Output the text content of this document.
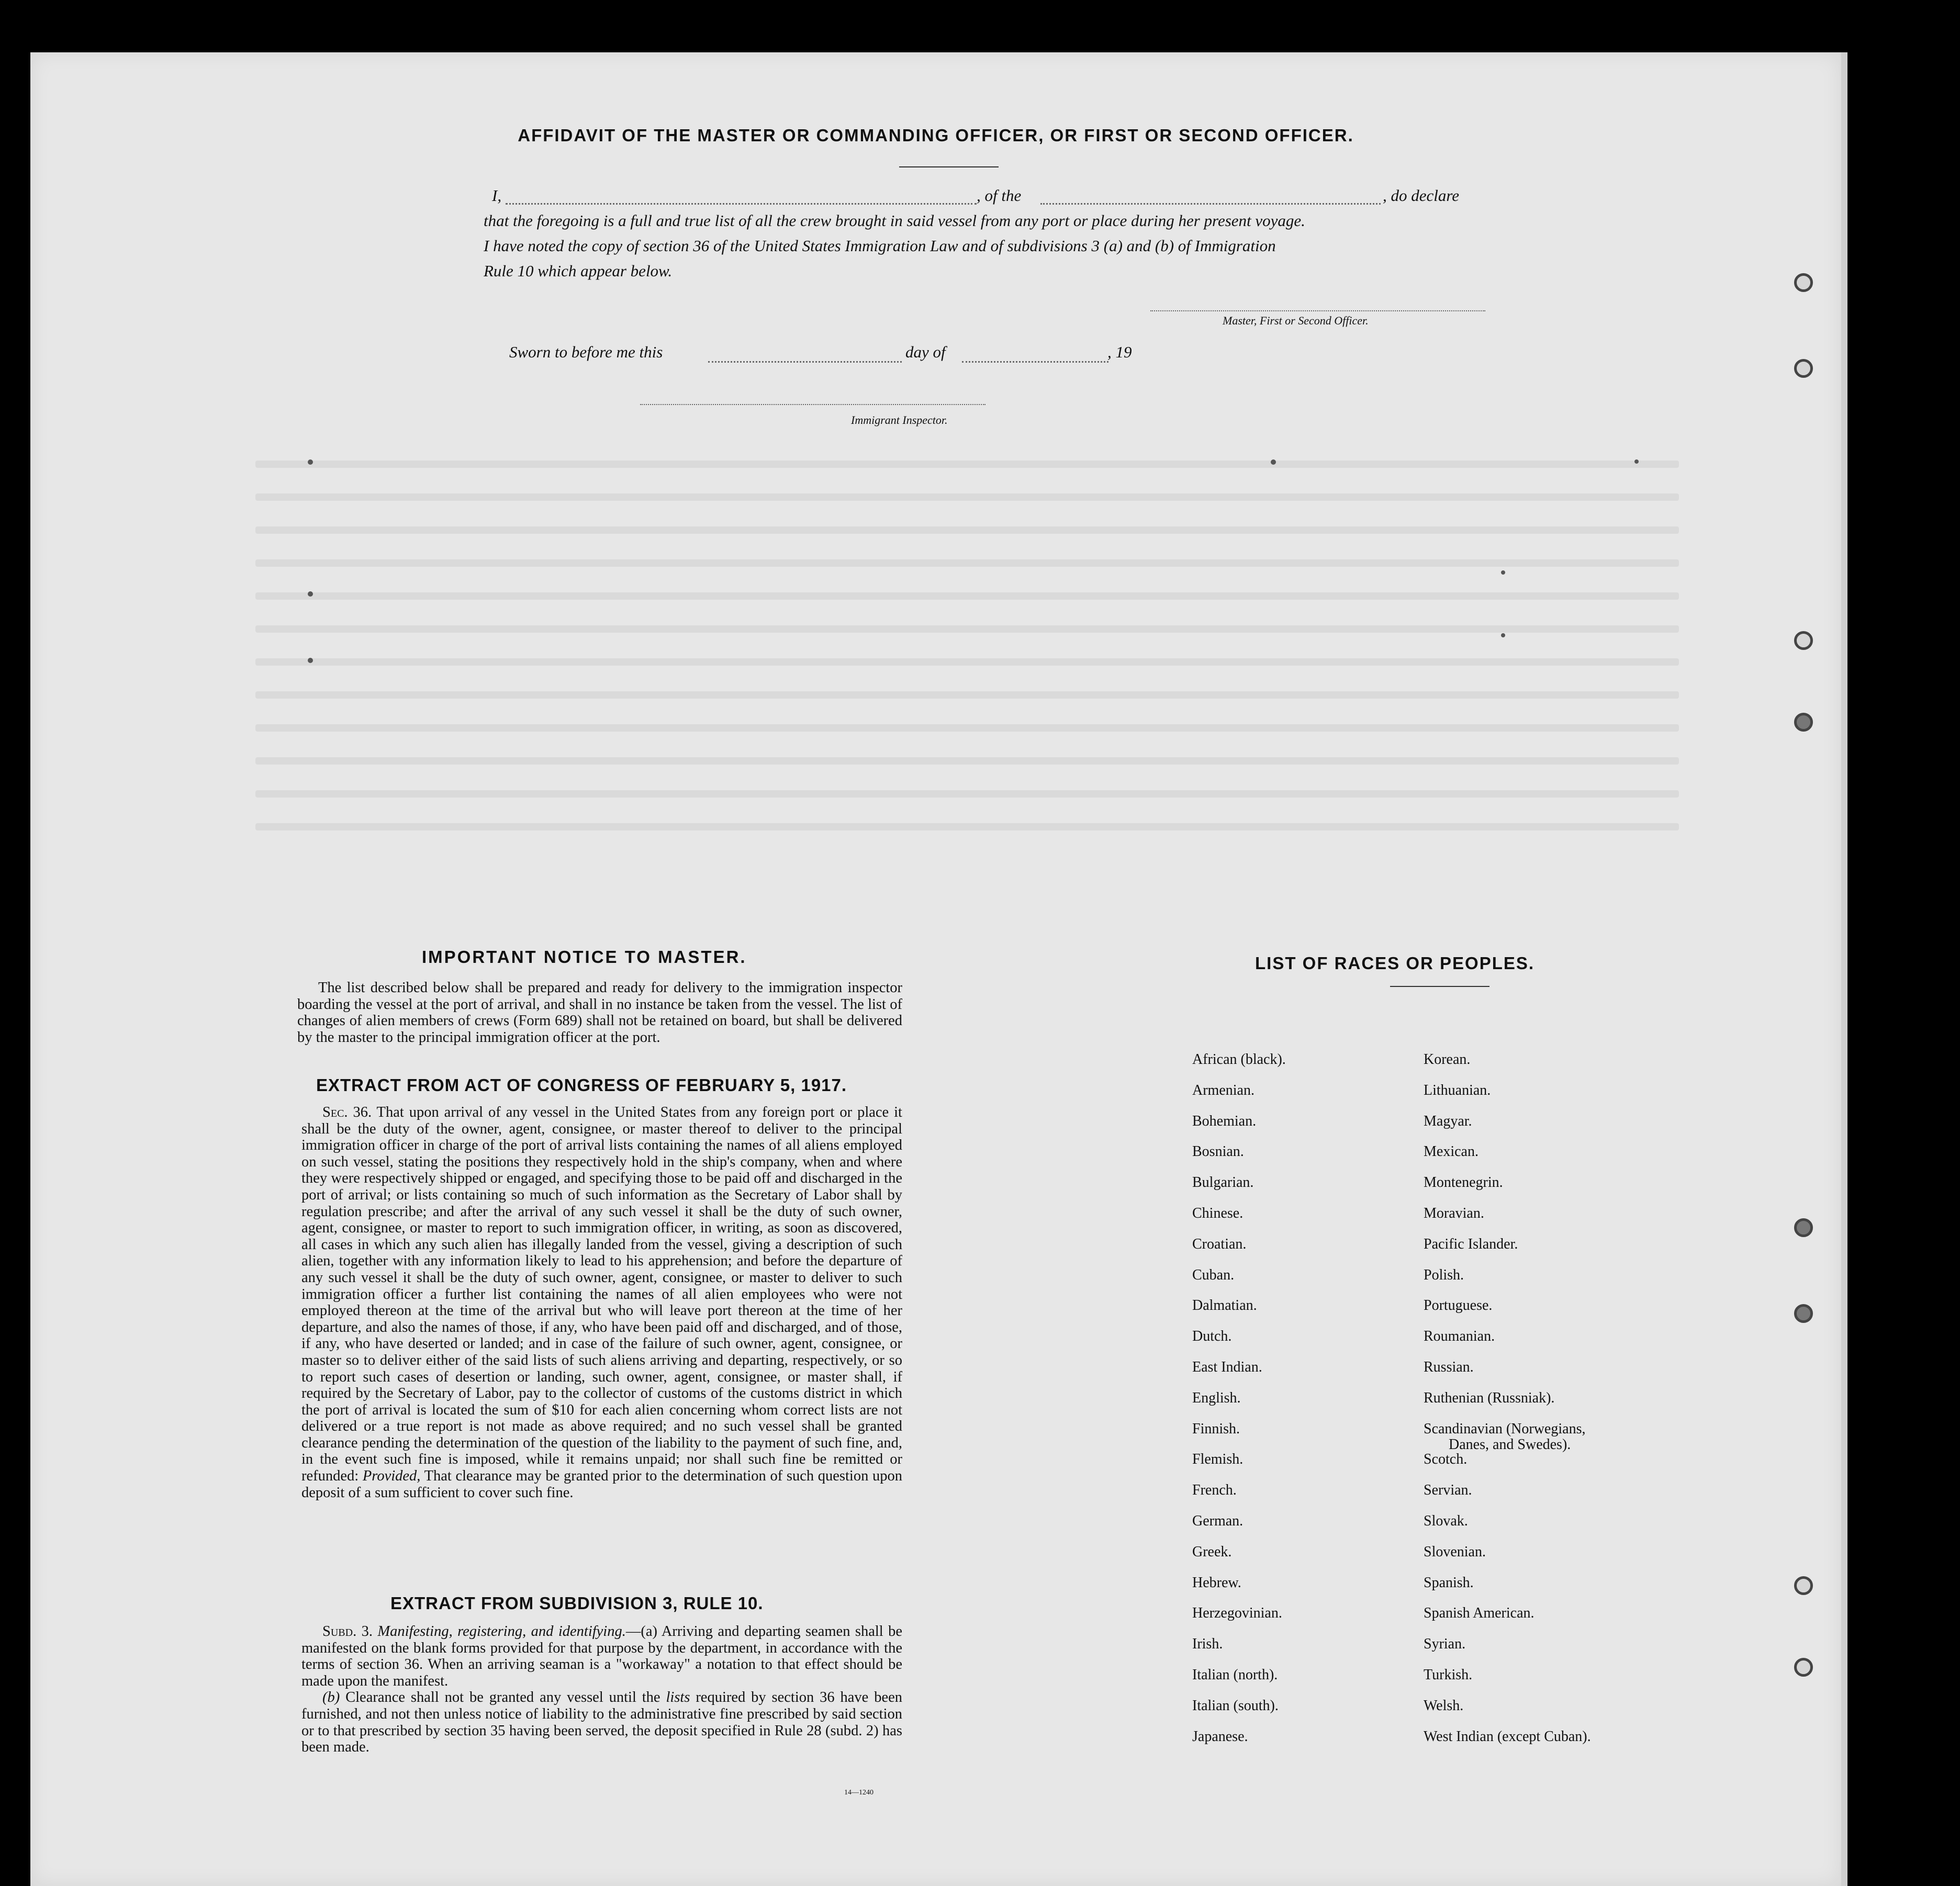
AFFIDAVIT OF THE MASTER OR COMMANDING OFFICER, OR FIRST OR SECOND OFFICER.
I,	, of the	, do declare
that the foregoing is a full and true list of all the crew brought in said vessel from any port or place during her present voyage.
I have noted the copy of section 36 of the United States Immigration Law and of subdivisions 3 (a) and (b) of Immigration
Rule 10 which appear below.
Master, First or Second Officer.
Sworn to before me this	day of	, 19
Immigrant Inspector.
IMPORTANT NOTICE TO MASTER.

The list described below shall be prepared and ready for delivery to the immigration inspector boarding the vessel at the port of arrival, and shall in no instance be taken from the vessel. The list of changes of alien members of crews (Form 689) shall not be retained on board, but shall be delivered by the master to the principal immigration officer at the port.

EXTRACT FROM ACT OF CONGRESS OF FEBRUARY 5, 1917.

Sec. 36. That upon arrival of any vessel in the United States from any foreign port or place it shall be the duty of the owner, agent, consignee, or master thereof to deliver to the principal immigration officer in charge of the port of arrival lists containing the names of all aliens employed on such vessel, stating the positions they respectively hold in the ship's company, when and where they were respectively shipped or engaged, and specifying those to be paid off and discharged in the port of arrival; or lists containing so much of such information as the Secretary of Labor shall by regulation prescribe; and after the arrival of any such vessel it shall be the duty of such owner, agent, consignee, or master to report to such immigration officer, in writing, as soon as discovered, all cases in which any such alien has illegally landed from the vessel, giving a description of such alien, together with any information likely to lead to his apprehension; and before the departure of any such vessel it shall be the duty of such owner, agent, consignee, or master to deliver to such immigration officer a further list containing the names of all alien employees who were not employed thereon at the time of the arrival but who will leave port thereon at the time of her departure, and also the names of those, if any, who have been paid off and discharged, and of those, if any, who have deserted or landed; and in case of the failure of such owner, agent, consignee, or master so to deliver either of the said lists of such aliens arriving and departing, respectively, or so to report such cases of desertion or landing, such owner, agent, consignee, or master shall, if required by the Secretary of Labor, pay to the collector of customs of the customs district in which the port of arrival is located the sum of $10 for each alien concerning whom correct lists are not delivered or a true report is not made as above required; and no such vessel shall be granted clearance pending the determination of the question of the liability to the payment of such fine, and, in the event such fine is imposed, while it remains unpaid; nor shall such fine be remitted or refunded: Provided, That clearance may be granted prior to the determination of such question upon deposit of a sum sufficient to cover such fine.

EXTRACT FROM SUBDIVISION 3, RULE 10.

Subd. 3. Manifesting, registering, and identifying.—(a) Arriving and departing seamen shall be manifested on the blank forms provided for that purpose by the department, in accordance with the terms of section 36. When an arriving seaman is a "workaway" a notation to that effect should be made upon the manifest.
(b) Clearance shall not be granted any vessel until the lists required by section 36 have been furnished, and not then unless notice of liability to the administrative fine prescribed by said section or to that prescribed by section 35 having been served, the deposit specified in Rule 28 (subd. 2) has been made.

14—1240
LIST OF RACES OR PEOPLES.
African (black).
Armenian.
Bohemian.
Bosnian.
Bulgarian.
Chinese.
Croatian.
Cuban.
Dalmatian.
Dutch.
East Indian.
English.
Finnish.
Flemish.
French.
German.
Greek.
Hebrew.
Herzegovinian.
Irish.
Italian (north).
Italian (south).
Japanese.
Korean.
Lithuanian.
Magyar.
Mexican.
Montenegrin.
Moravian.
Pacific Islander.
Polish.
Portuguese.
Roumanian.
Russian.
Ruthenian (Russniak).
Scandinavian (Norwegians,
Danes, and Swedes).
Scotch.
Servian.
Slovak.
Slovenian.
Spanish.
Spanish American.
Syrian.
Turkish.
Welsh.
West Indian (except Cuban).
